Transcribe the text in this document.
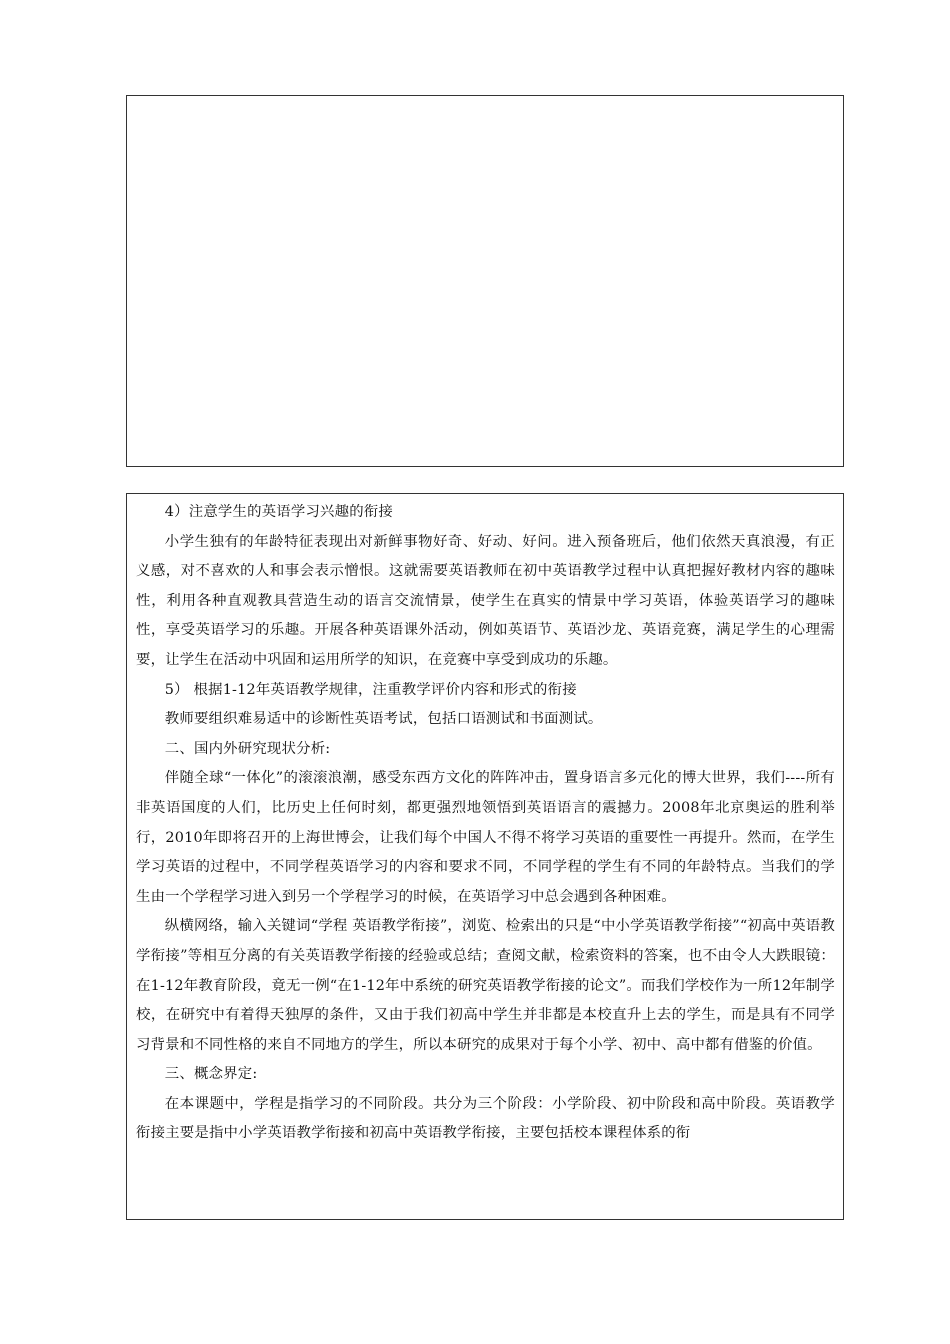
4）注意学生的英语学习兴趣的衔接

小学生独有的年龄特征表现出对新鲜事物好奇、好动、好问。进入预备班后，他们依然天真浪漫，有正义感，对不喜欢的人和事会表示憎恨。这就需要英语教师在初中英语教学过程中认真把握好教材内容的趣味性，利用各种直观教具营造生动的语言交流情景，使学生在真实的情景中学习英语，体验英语学习的趣味性，享受英语学习的乐趣。开展各种英语课外活动，例如英语节、英语沙龙、英语竞赛，满足学生的心理需要，让学生在活动中巩固和运用所学的知识，在竞赛中享受到成功的乐趣。

5） 根据1-12年英语教学规律，注重教学评价内容和形式的衔接

教师要组织难易适中的诊断性英语考试，包括口语测试和书面测试。

二、国内外研究现状分析:

伴随全球“一体化”的滚滚浪潮，感受东西方文化的阵阵冲击，置身语言多元化的博大世界，我们----所有非英语国度的人们，比历史上任何时刻，都更强烈地领悟到英语语言的震撼力。2008年北京奥运的胜利举行，2010年即将召开的上海世博会，让我们每个中国人不得不将学习英语的重要性一再提升。然而，在学生学习英语的过程中，不同学程英语学习的内容和要求不同，不同学程的学生有不同的年龄特点。当我们的学生由一个学程学习进入到另一个学程学习的时候，在英语学习中总会遇到各种困难。

纵横网络，输入关键词“学程 英语教学衔接”，浏览、检索出的只是“中小学英语教学衔接”“初高中英语教学衔接”等相互分离的有关英语教学衔接的经验或总结；查阅文献，检索资料的答案，也不由令人大跌眼镜：在1-12年教育阶段，竟无一例“在1-12年中系统的研究英语教学衔接的论文”。而我们学校作为一所12年制学校，在研究中有着得天独厚的条件，又由于我们初高中学生并非都是本校直升上去的学生，而是具有不同学习背景和不同性格的来自不同地方的学生，所以本研究的成果对于每个小学、初中、高中都有借鉴的价值。

三、概念界定:

在本课题中，学程是指学习的不同阶段。共分为三个阶段：小学阶段、初中阶段和高中阶段。英语教学衔接主要是指中小学英语教学衔接和初高中英语教学衔接，主要包括校本课程体系的衔
